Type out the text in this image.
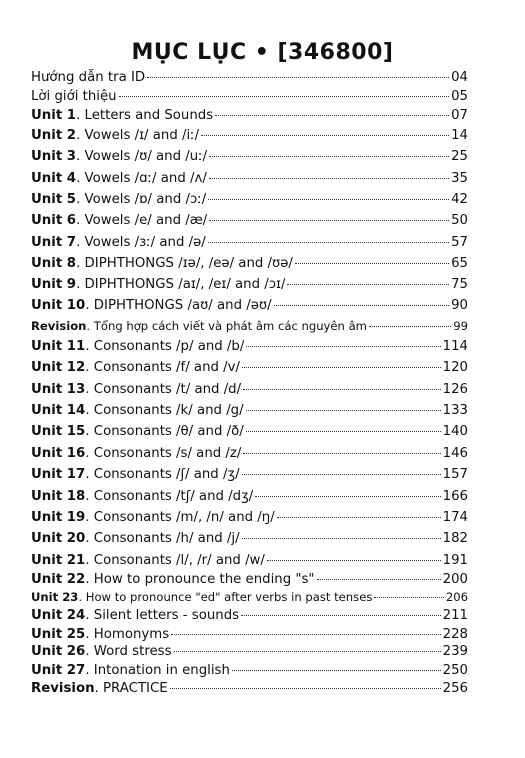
MỤC LỤC • [346800]
Hướng dẫn tra ID	04
Lời giới thiệu	05
Unit 1 . Letters and Sounds	07
Unit 2 . Vowels /ɪ/ and /iː/	14
Unit 3 . Vowels /ʊ/ and /uː/	25
Unit 4 . Vowels /ɑː/ and /ʌ/	35
Unit 5 . Vowels /ɒ/ and /ɔː/	42
Unit 6 . Vowels /e/ and /æ/	50
Unit 7 . Vowels /ɜː/ and /ə/	57
Unit 8 . DIPHTHONGS /ɪə/, /eə/ and /ʊə/	65
Unit 9 . DIPHTHONGS /aɪ/, /eɪ/ and /ɔɪ/	75
Unit 10 . DIPHTHONGS /aʊ/ and /əʊ/	90
Revision . Tổng hợp cách viết và phát âm các nguyên âm	99
Unit 11 . Consonants /p/ and /b/	114
Unit 12 . Consonants /f/ and /v/	120
Unit 13 . Consonants /t/ and /d/	126
Unit 14 . Consonants /k/ and /g/	133
Unit 15 . Consonants /θ/ and /ð/	140
Unit 16 . Consonants /s/ and /z/	146
Unit 17 . Consonants /ʃ/ and /ʒ/	157
Unit 18 . Consonants /tʃ/ and /dʒ/	166
Unit 19 . Consonants /m/, /n/ and /ŋ/	174
Unit 20 . Consonants /h/ and /j/	182
Unit 21 . Consonants /l/, /r/ and /w/	191
Unit 22 . How to pronounce the ending "s"	200
Unit 23 . How to pronounce "ed" after verbs in past tenses	206
Unit 24 . Silent letters - sounds	211
Unit 25 . Homonyms	228
Unit 26 . Word stress	239
Unit 27 . Intonation in english	250
Revision . PRACTICE	256
